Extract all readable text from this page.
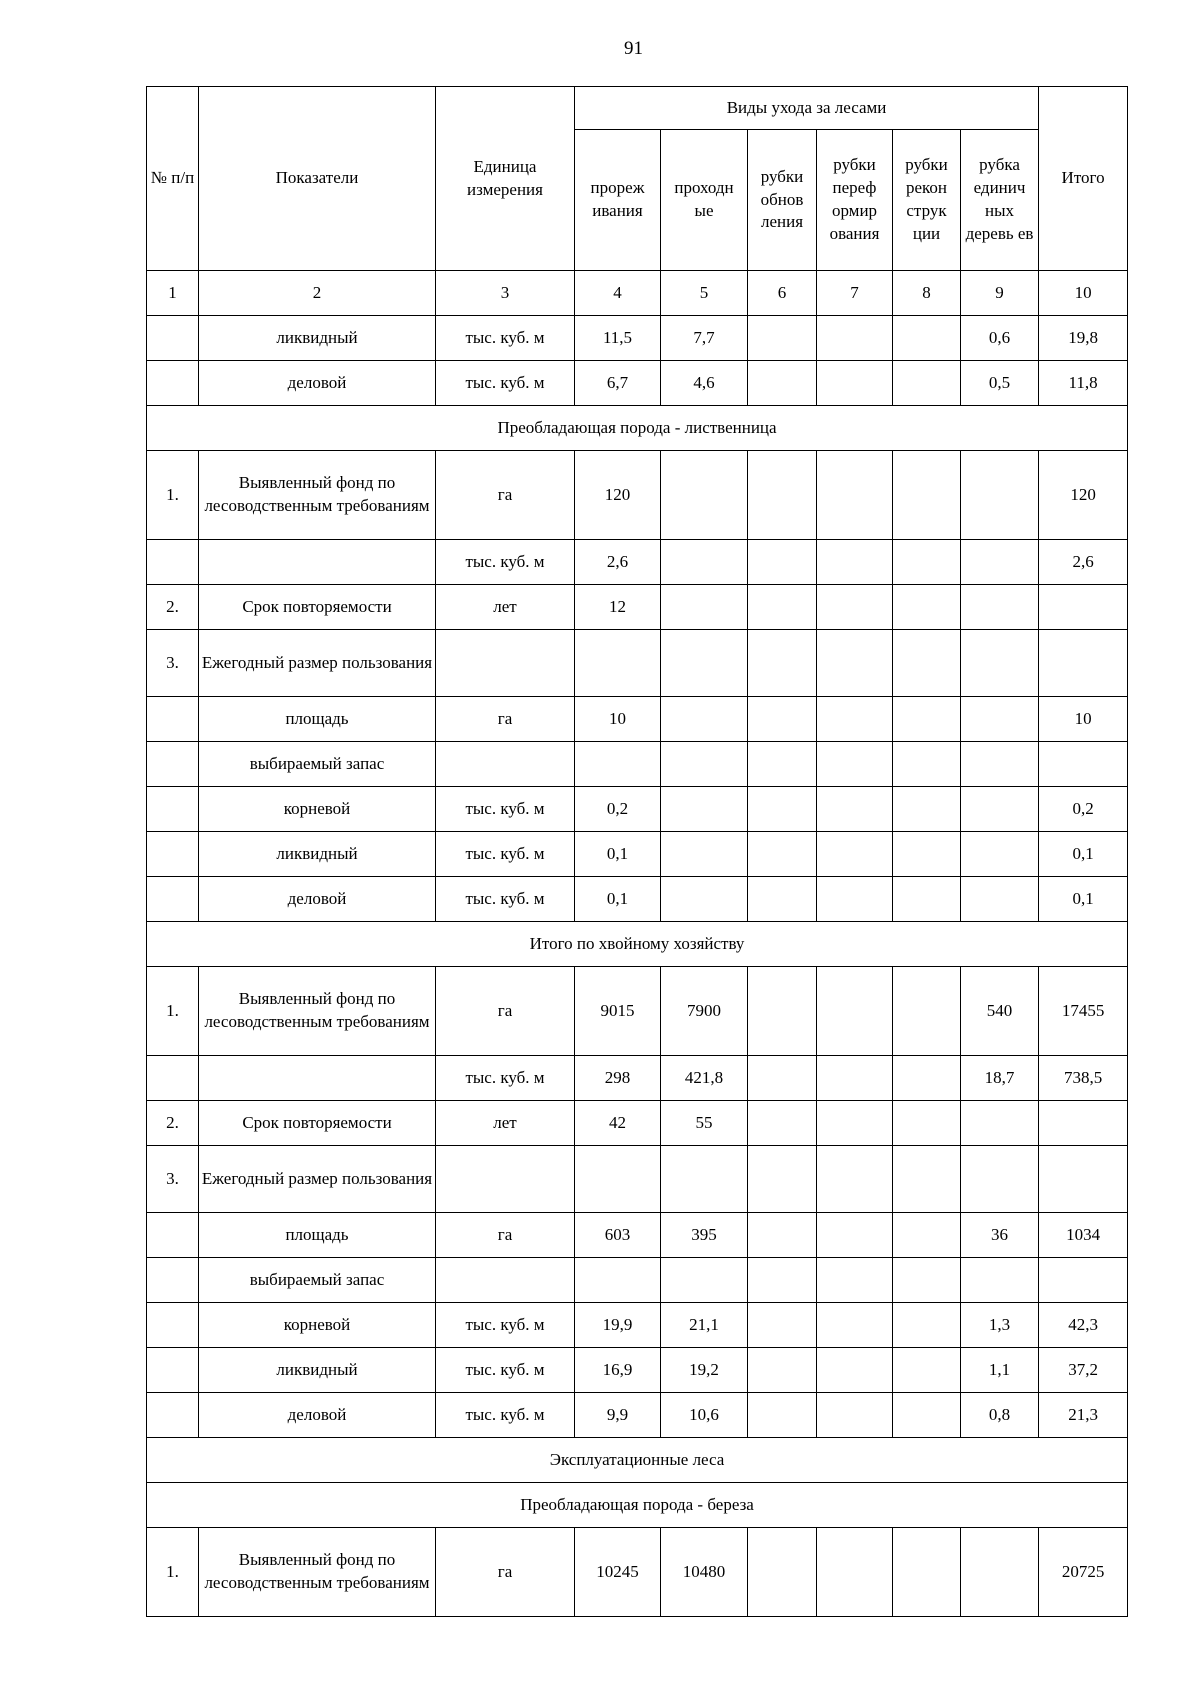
91
№ п/п	Показатели	Единица измерения	Виды ухода за лесами						Итого
			прореж ивания	проходн ые	рубки обнов ления	рубки переф ормир ования	рубки рекон струк ции	рубка единич ных деревь ев	
1	2	3	4	5	6	7	8	9	10
	ликвидный	тыс. куб. м	11,5	7,7				0,6	19,8
	деловой	тыс. куб. м	6,7	4,6				0,5	11,8
Преобладающая порода - лиственница									
1.	Выявленный фонд по лесоводственным требованиям	га	120						120
		тыс. куб. м	2,6						2,6
2.	Срок повторяемости	лет	12						
3.	Ежегодный размер пользования								
	площадь	га	10						10
	выбираемый запас								
	корневой	тыс. куб. м	0,2						0,2
	ликвидный	тыс. куб. м	0,1						0,1
	деловой	тыс. куб. м	0,1						0,1
Итого по хвойному хозяйству									
1.	Выявленный фонд по лесоводственным требованиям	га	9015	7900				540	17455
		тыс. куб. м	298	421,8				18,7	738,5
2.	Срок повторяемости	лет	42	55					
3.	Ежегодный размер пользования								
	площадь	га	603	395				36	1034
	выбираемый запас								
	корневой	тыс. куб. м	19,9	21,1				1,3	42,3
	ликвидный	тыс. куб. м	16,9	19,2				1,1	37,2
	деловой	тыс. куб. м	9,9	10,6				0,8	21,3
Эксплуатационные леса									
Преобладающая порода - береза									
1.	Выявленный фонд по лесоводственным требованиям	га	10245	10480					20725
